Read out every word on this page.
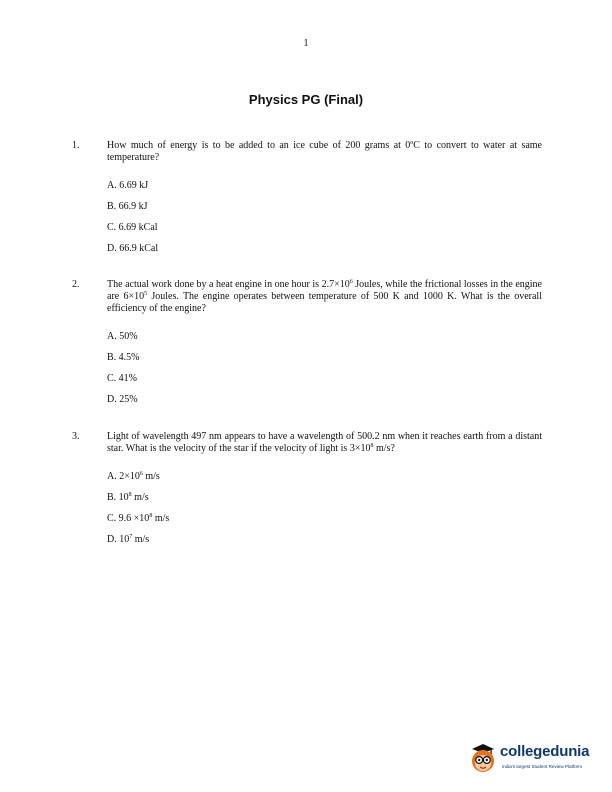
1
Physics PG (Final)
1.	How much of energy is to be added to an ice cube of 200 grams at 0$^o$C to convert to water at same temperature?
A. 6.69 kJ
B. 66.9 kJ
C. 6.69 kCal
D. 66.9 kCal
2.	The actual work done by a heat engine in one hour is $2.7\times 10^6$ Joules, while the frictional losses in the engine are $6\times 10^5$ Joules. The engine operates between temperature of 500 K and 1000 K. What is the overall efficiency of the engine?
A. 50%
B. 4.5%
C. 41%
D. 25%
3.	Light of wavelength 497 nm appears to have a wavelength of 500.2 nm when it reaches earth from a distant star. What is the velocity of the star if the velocity of light is $3\times 10^8$ m/s?
A. $2\times 10^6$ m/s
B. $10^8$ m/s
C. $9.6 \times 10^8$ m/s
D. $10^7$ m/s
collegedunia
India's largest Student Review Platform
